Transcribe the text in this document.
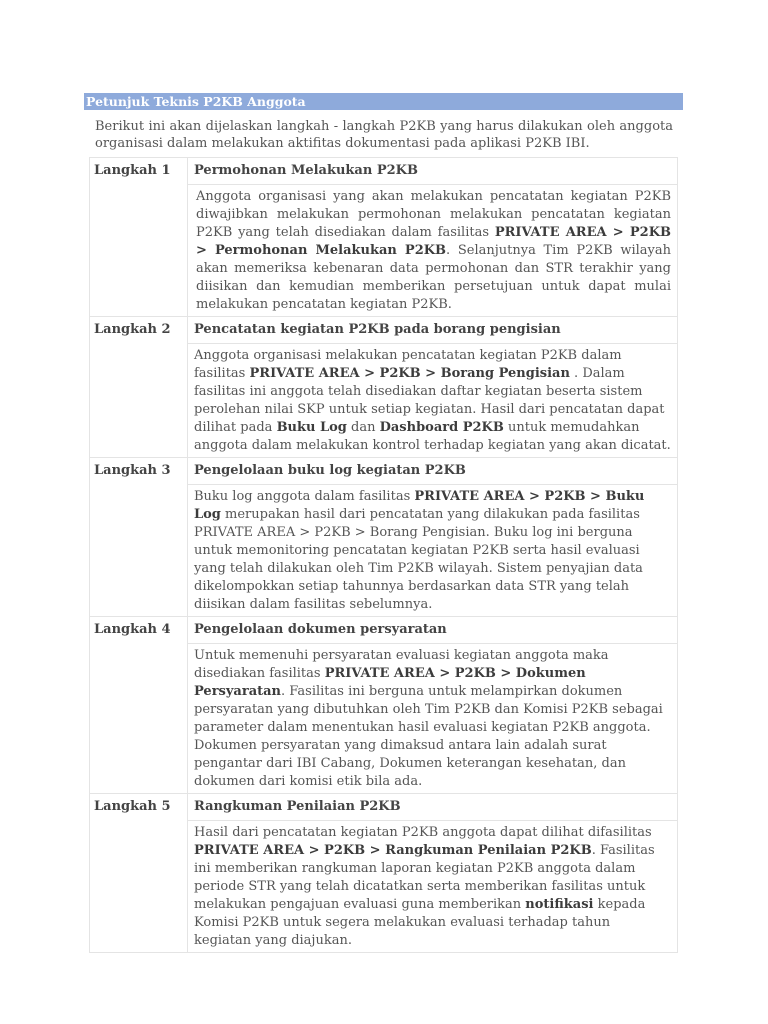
Petunjuk Teknis P2KB Anggota
Berikut ini akan dijelaskan langkah - langkah P2KB yang harus dilakukan oleh anggota organisasi dalam melakukan aktifitas dokumentasi pada aplikasi P2KB IBI.
Langkah 1	Permohonan Melakukan P2KB
	Anggota organisasi yang akan melakukan pencatatan kegiatan P2KB diwajibkan melakukan permohonan melakukan pencatatan kegiatan P2KB yang telah disediakan dalam fasilitas PRIVATE AREA > P2KB > Permohonan Melakukan P2KB. Selanjutnya Tim P2KB wilayah akan memeriksa kebenaran data permohonan dan STR terakhir yang diisikan dan kemudian memberikan persetujuan untuk dapat mulai melakukan pencatatan kegiatan P2KB.
Langkah 2	Pencatatan kegiatan P2KB pada borang pengisian
	Anggota organisasi melakukan pencatatan kegiatan P2KB dalam fasilitas PRIVATE AREA > P2KB > Borang Pengisian . Dalam fasilitas ini anggota telah disediakan daftar kegiatan beserta sistem perolehan nilai SKP untuk setiap kegiatan. Hasil dari pencatatan dapat dilihat pada Buku Log dan Dashboard P2KB untuk memudahkan anggota dalam melakukan kontrol terhadap kegiatan yang akan dicatat.
Langkah 3	Pengelolaan buku log kegiatan P2KB
	Buku log anggota dalam fasilitas PRIVATE AREA > P2KB > Buku Log merupakan hasil dari pencatatan yang dilakukan pada fasilitas PRIVATE AREA > P2KB > Borang Pengisian. Buku log ini berguna untuk memonitoring pencatatan kegiatan P2KB serta hasil evaluasi yang telah dilakukan oleh Tim P2KB wilayah. Sistem penyajian data dikelompokkan setiap tahunnya berdasarkan data STR yang telah diisikan dalam fasilitas sebelumnya.
Langkah 4	Pengelolaan dokumen persyaratan
	Untuk memenuhi persyaratan evaluasi kegiatan anggota maka disediakan fasilitas PRIVATE AREA > P2KB > Dokumen Persyaratan. Fasilitas ini berguna untuk melampirkan dokumen persyaratan yang dibutuhkan oleh Tim P2KB dan Komisi P2KB sebagai parameter dalam menentukan hasil evaluasi kegiatan P2KB anggota. Dokumen persyaratan yang dimaksud antara lain adalah surat pengantar dari IBI Cabang, Dokumen keterangan kesehatan, dan dokumen dari komisi etik bila ada.
Langkah 5	Rangkuman Penilaian P2KB
	Hasil dari pencatatan kegiatan P2KB anggota dapat dilihat difasilitas PRIVATE AREA > P2KB > Rangkuman Penilaian P2KB. Fasilitas ini memberikan rangkuman laporan kegiatan P2KB anggota dalam periode STR yang telah dicatatkan serta memberikan fasilitas untuk melakukan pengajuan evaluasi guna memberikan notifikasi kepada Komisi P2KB untuk segera melakukan evaluasi terhadap tahun kegiatan yang diajukan.
